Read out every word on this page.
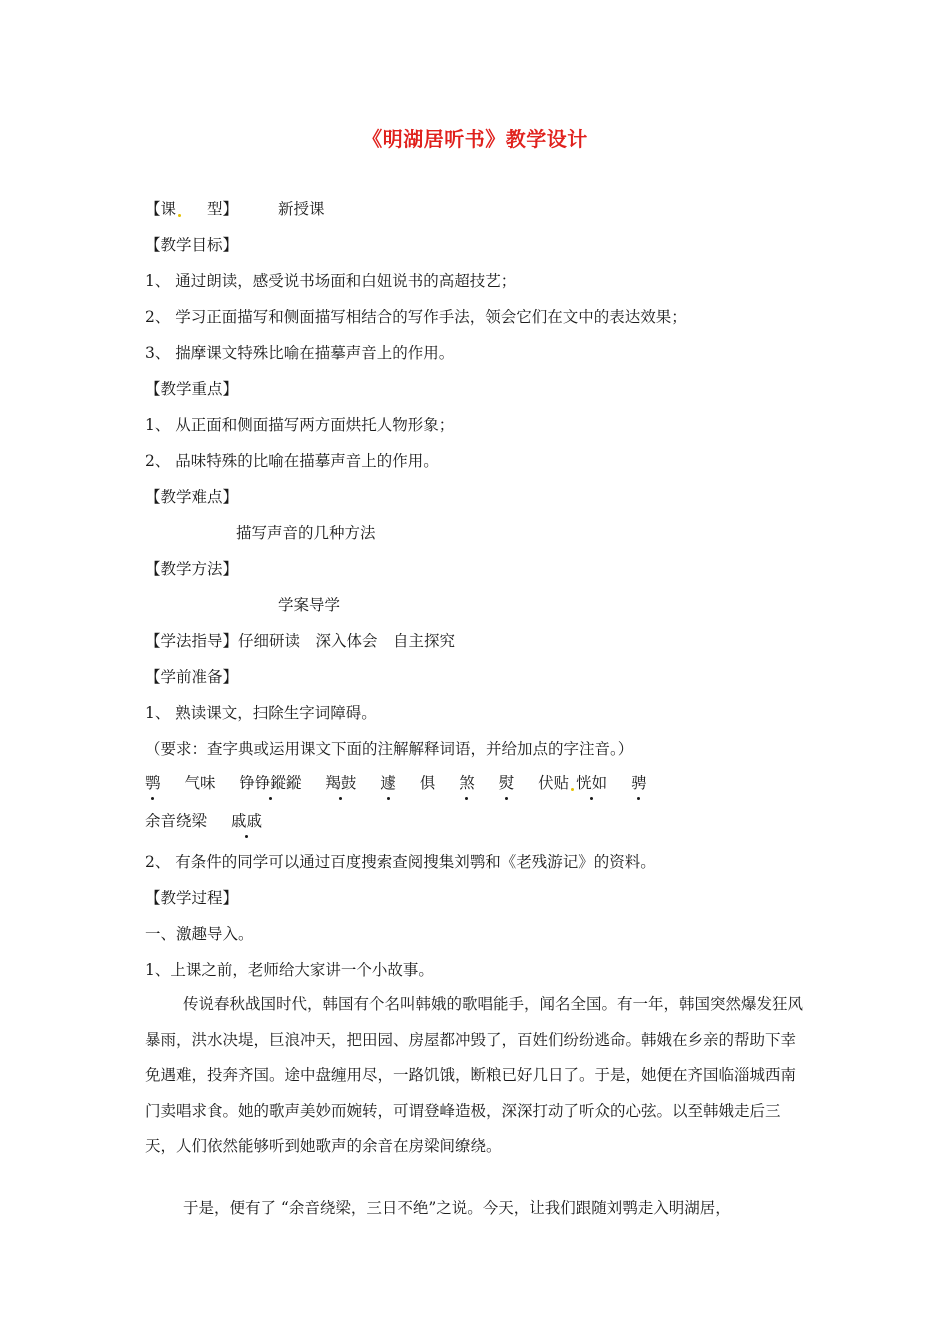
《明湖居听书》教学设计
【课 型】	新授课
【教学目标】
1、 通过朗读，感受说书场面和白妞说书的高超技艺；
2、 学习正面描写和侧面描写相结合的写作手法，领会它们在文中的表达效果；
3、 揣摩课文特殊比喻在描摹声音上的作用。
【教学重点】
1、 从正面和侧面描写两方面烘托人物形象；
2、 品味特殊的比喻在描摹声音上的作用。
【教学难点】
描写声音的几种方法
【教学方法】
学案导学
【学法指导】仔细研读　深入体会　自主探究
【学前准备】
1、 熟读课文，扫除生字词障碍。
（要求：查字典或运用课文下面的注解解释词语，并给加点的字注音。）
鹗 气味 铮铮鏦鏦 羯鼓 遽 俱 煞 熨 伏贴 恍如 骋
余音绕梁 戚戚
2、 有条件的同学可以通过百度搜索查阅搜集刘鹗和《老残游记》的资料。
【教学过程】
一、激趣导入。
1、上课之前，老师给大家讲一个小故事。

传说春秋战国时代，韩国有个名叫韩娥的歌唱能手，闻名全国。有一年，韩国突然爆发狂风暴雨，洪水决堤，巨浪冲天，把田园、房屋都冲毁了，百姓们纷纷逃命。韩娥在乡亲的帮助下幸免遇难，投奔齐国。途中盘缠用尽，一路饥饿，断粮已好几日了。于是，她便在齐国临淄城西南门卖唱求食。她的歌声美妙而婉转，可谓登峰造极，深深打动了听众的心弦。以至韩娥走后三天，人们依然能够听到她歌声的余音在房梁间缭绕。

于是，便有了 “余音绕梁，三日不绝”之说。今天，让我们跟随刘鹗走入明湖居，
